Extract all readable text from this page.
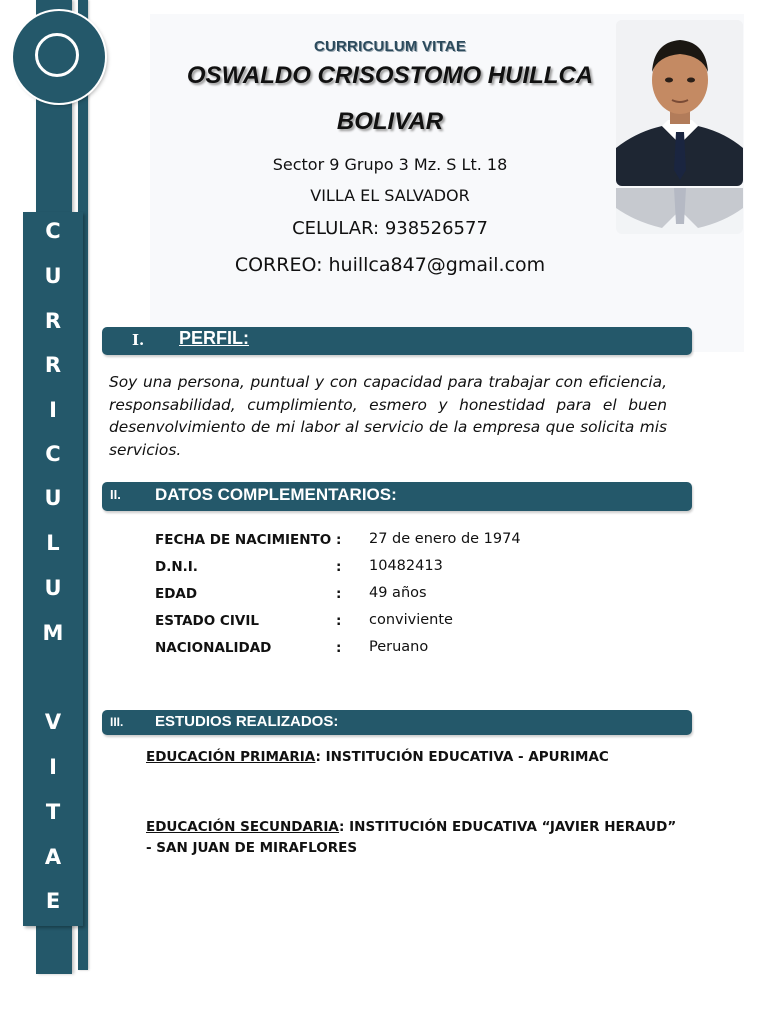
C
U
R
R
I
C
U
L
U
M
V
I
T
A
E
CURRICULUM VITAE
OSWALDO CRISOSTOMO HUILLCA
BOLIVAR
Sector 9 Grupo 3 Mz. S Lt. 18
VILLA EL SALVADOR
CELULAR: 938526577
CORREO: huillca847@gmail.com
I. PERFIL:

Soy una persona, puntual y con capacidad para trabajar con eficiencia, responsabilidad, cumplimiento, esmero y honestidad para el buen desenvolvimiento de mi labor al servicio de la empresa que solicita mis servicios.

II. DATOS COMPLEMENTARIOS:
FECHA DE NACIMIENTO : 27 de enero de 1974
D.N.I.	: 10482413
EDAD	: 49 años
ESTADO CIVIL	: conviviente
NACIONALIDAD	: Peruano
III. ESTUDIOS REALIZADOS:
EDUCACIÓN PRIMARIA: INSTITUCIÓN EDUCATIVA - APURIMAC
EDUCACIÓN SECUNDARIA: INSTITUCIÓN EDUCATIVA “JAVIER HERAUD” - SAN JUAN DE MIRAFLORES
